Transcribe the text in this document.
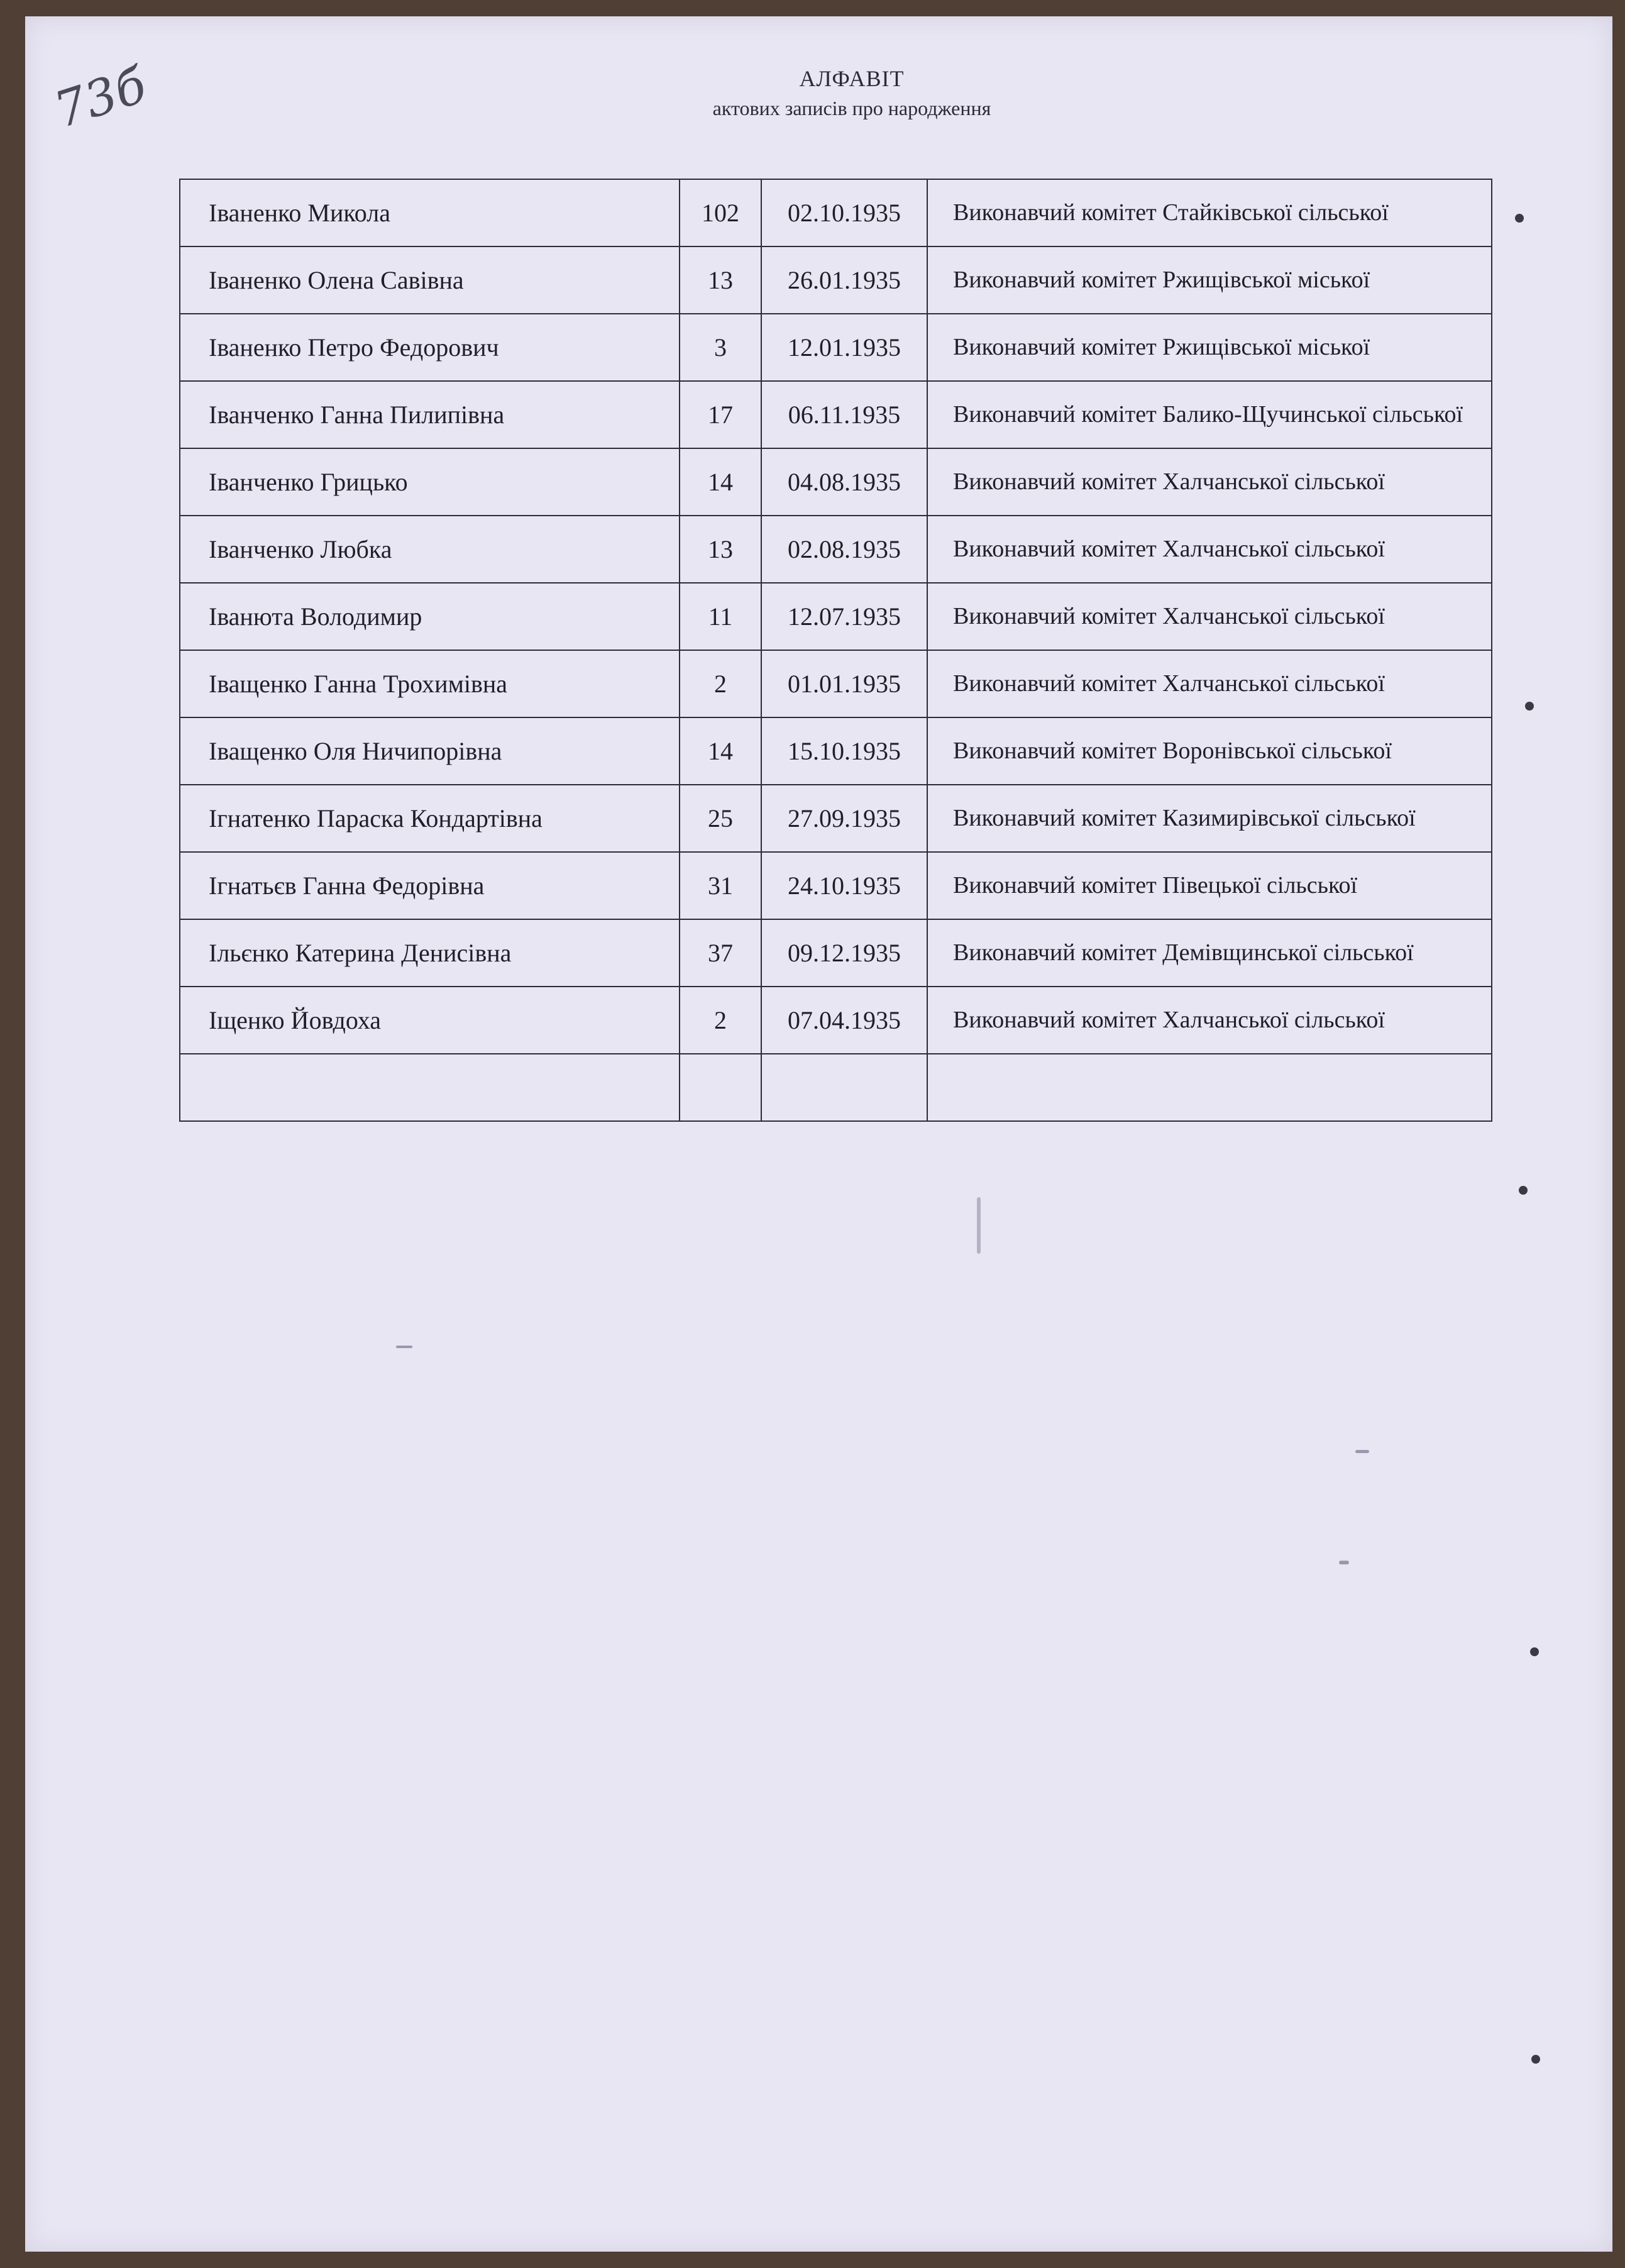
73б	АЛФАВІТ
актових записів про народження
Іваненко Микола	102	02.10.1935	Виконавчий комітет Стайківської сільської
Іваненко Олена Савівна	13	26.01.1935	Виконавчий комітет Ржищівської міської
Іваненко Петро Федорович	3	12.01.1935	Виконавчий комітет Ржищівської міської
Іванченко Ганна Пилипівна	17	06.11.1935	Виконавчий комітет Балико-Щучинської сільської
Іванченко Грицько	14	04.08.1935	Виконавчий комітет Халчанської сільської
Іванченко Любка	13	02.08.1935	Виконавчий комітет Халчанської сільської
Іванюта Володимир	11	12.07.1935	Виконавчий комітет Халчанської сільської
Іващенко Ганна Трохимівна	2	01.01.1935	Виконавчий комітет Халчанської сільської
Іващенко Оля Ничипорівна	14	15.10.1935	Виконавчий комітет Воронівської сільської
Ігнатенко Параска Кондартівна	25	27.09.1935	Виконавчий комітет Казимирівської сільської
Ігнатьєв Ганна Федорівна	31	24.10.1935	Виконавчий комітет Півецької сільської
Ільєнко Катерина Денисівна	37	09.12.1935	Виконавчий комітет Демівщинської сільської
Іщенко Йовдоха	2	07.04.1935	Виконавчий комітет Халчанської сільської
